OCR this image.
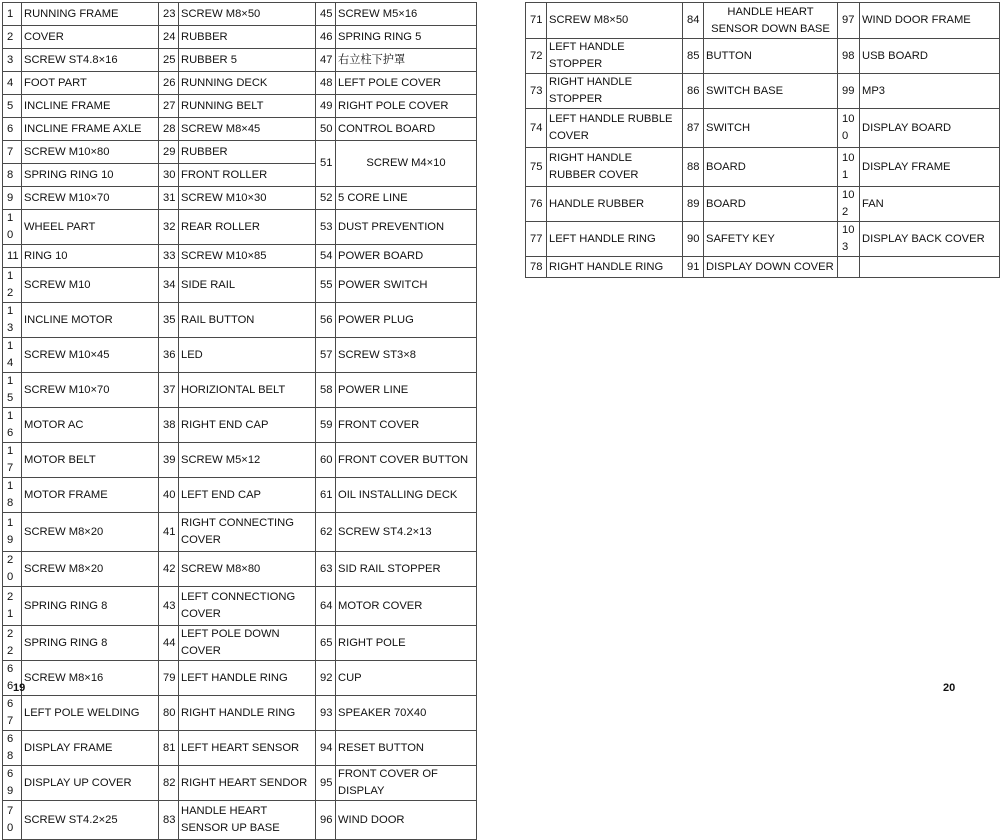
1	RUNNING FRAME	23	SCREW M8×50	45	SCREW M5×16
2	COVER	24	RUBBER	46	SPRING RING 5
3	SCREW ST4.8×16	25	RUBBER 5	47	右立柱下护罩
4	FOOT PART	26	RUNNING DECK	48	LEFT POLE COVER
5	INCLINE FRAME	27	RUNNING BELT	49	RIGHT POLE COVER
6	INCLINE FRAME AXLE	28	SCREW M8×45	50	CONTROL BOARD
7	SCREW M10×80	29	RUBBER	51	SCREW M4×10
8	SPRING RING 10	30	FRONT ROLLER		
9	SCREW M10×70	31	SCREW M10×30	52	5 CORE LINE
10	WHEEL PART	32	REAR ROLLER	53	DUST PREVENTION
11	RING 10	33	SCREW M10×85	54	POWER BOARD
12	SCREW M10	34	SIDE RAIL	55	POWER SWITCH
13	INCLINE MOTOR	35	RAIL BUTTON	56	POWER PLUG
14	SCREW M10×45	36	LED	57	SCREW ST3×8
15	SCREW M10×70	37	HORIZIONTAL BELT	58	POWER LINE
16	MOTOR AC	38	RIGHT END CAP	59	FRONT COVER
17	MOTOR BELT	39	SCREW M5×12	60	FRONT COVER BUTTON
18	MOTOR FRAME	40	LEFT END CAP	61	OIL INSTALLING DECK
19	SCREW M8×20	41	RIGHT CONNECTING COVER	62	SCREW ST4.2×13
20	SCREW M8×20	42	SCREW M8×80	63	SID RAIL STOPPER
21	SPRING RING 8	43	LEFT CONNECTIONG COVER	64	MOTOR COVER
22	SPRING RING 8	44	LEFT POLE DOWN COVER	65	RIGHT POLE
66	SCREW M8×16	79	LEFT HANDLE RING	92	CUP
67	LEFT POLE WELDING	80	RIGHT HANDLE RING	93	SPEAKER 70X40
68	DISPLAY FRAME	81	LEFT HEART SENSOR	94	RESET BUTTON
69	DISPLAY UP COVER	82	RIGHT HEART SENDOR	95	FRONT COVER OF DISPLAY
70	SCREW ST4.2×25	83	HANDLE HEART SENSOR UP BASE	96	WIND DOOR
71	SCREW M8×50	84	HANDLE HEART SENSOR DOWN BASE	97	WIND DOOR FRAME
72	LEFT HANDLE STOPPER	85	BUTTON	98	USB BOARD
73	RIGHT HANDLE STOPPER	86	SWITCH BASE	99	MP3
74	LEFT HANDLE RUBBLE COVER	87	SWITCH	100	DISPLAY BOARD
75	RIGHT HANDLE RUBBER COVER	88	BOARD	101	DISPLAY FRAME
76	HANDLE RUBBER	89	BOARD	102	FAN
77	LEFT HANDLE RING	90	SAFETY KEY	103	DISPLAY BACK COVER
78	RIGHT HANDLE RING	91	DISPLAY DOWN COVER		
19	20
